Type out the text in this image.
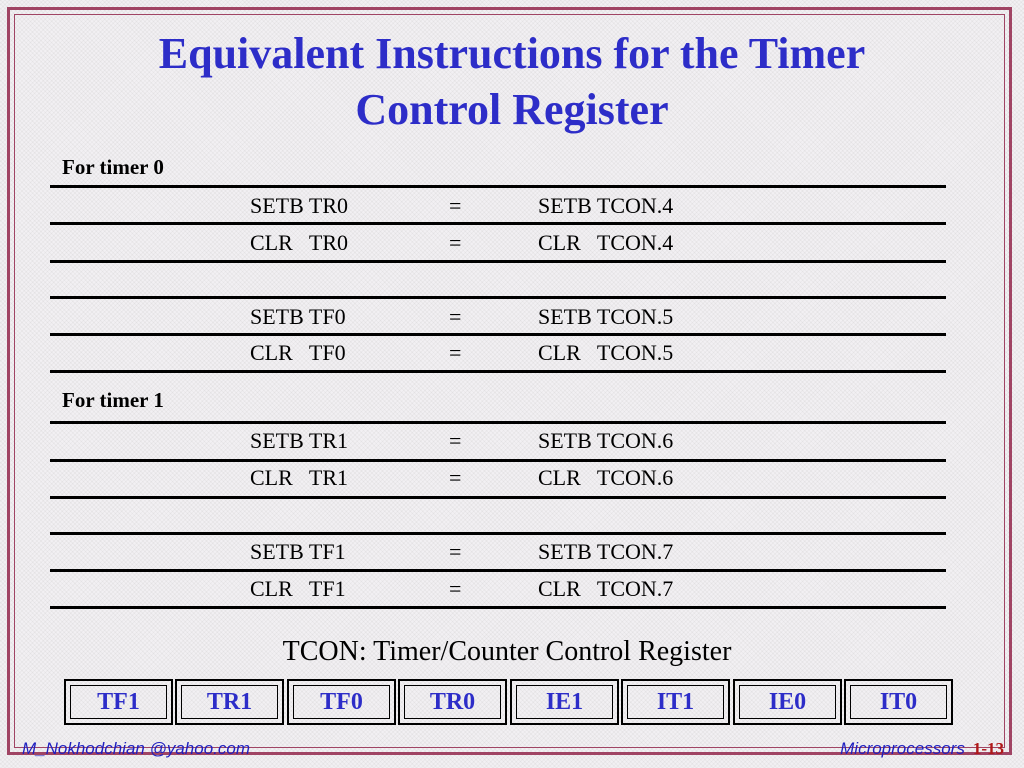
Equivalent Instructions for the Timer
Control Register
For timer 0
SETB TR0	=	SETB TCON.4
CLR   TR0	=	CLR   TCON.4
SETB TF0	=	SETB TCON.5
CLR   TF0	=	CLR   TCON.5
For timer 1
SETB TR1	=	SETB TCON.6
CLR   TR1	=	CLR   TCON.6
SETB TF1	=	SETB TCON.7
CLR   TF1	=	CLR   TCON.7
TCON: Timer/Counter Control Register
TF1	TR1	TF0	TR0	IE1	IT1	IE0	IT0
M_Nokhodchian @yahoo.com	Microprocessors 1-13
